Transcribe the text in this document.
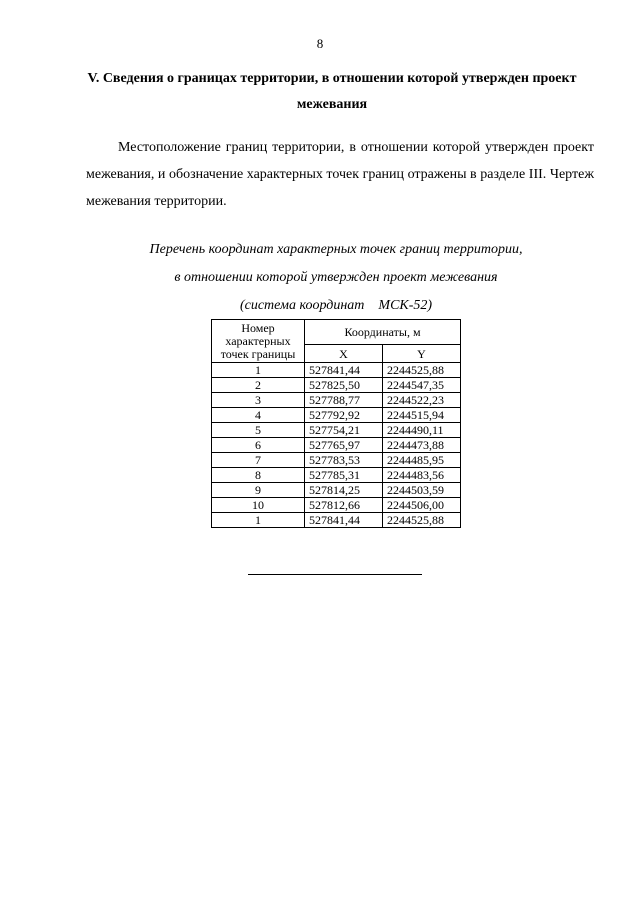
8
V. Сведения о границах территории, в отношении которой утвержден проект межевания
Местоположение границ территории, в отношении которой утвержден проект межевания, и обозначение характерных точек границ отражены в разделе III. Чертеж межевания территории.
Перечень координат характерных точек границ территории,
в отношении которой утвержден проект межевания
(система координат    МСК-52)
Номер характерных точек границы	Координаты, м	
	X	Y
1	527841,44	2244525,88
2	527825,50	2244547,35
3	527788,77	2244522,23
4	527792,92	2244515,94
5	527754,21	2244490,11
6	527765,97	2244473,88
7	527783,53	2244485,95
8	527785,31	2244483,56
9	527814,25	2244503,59
10	527812,66	2244506,00
1	527841,44	2244525,88
